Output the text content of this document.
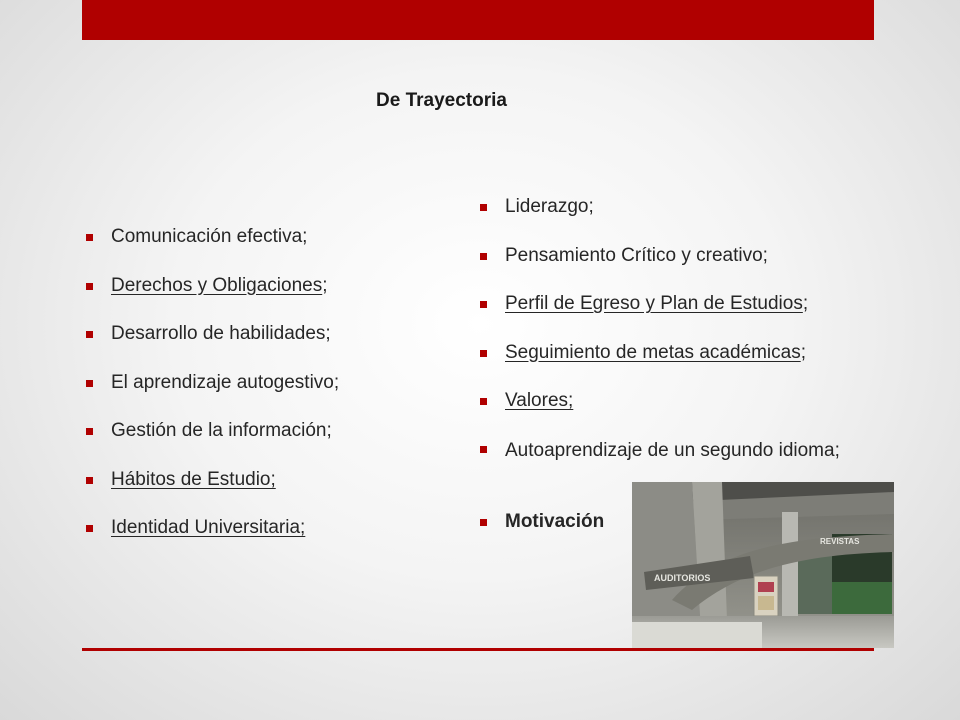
De Trayectoria
Comunicación efectiva;
Derechos y Obligaciones;
Desarrollo de habilidades;
El aprendizaje autogestivo;
Gestión de la información;
Hábitos de Estudio;
Identidad Universitaria;
Liderazgo;
Pensamiento Crítico y creativo;
Perfil de Egreso y Plan de Estudios;
Seguimiento de metas académicas;
Valores;
Autoaprendizaje de un segundo idioma;
Motivación
AUDITORIOS
REVISTAS
